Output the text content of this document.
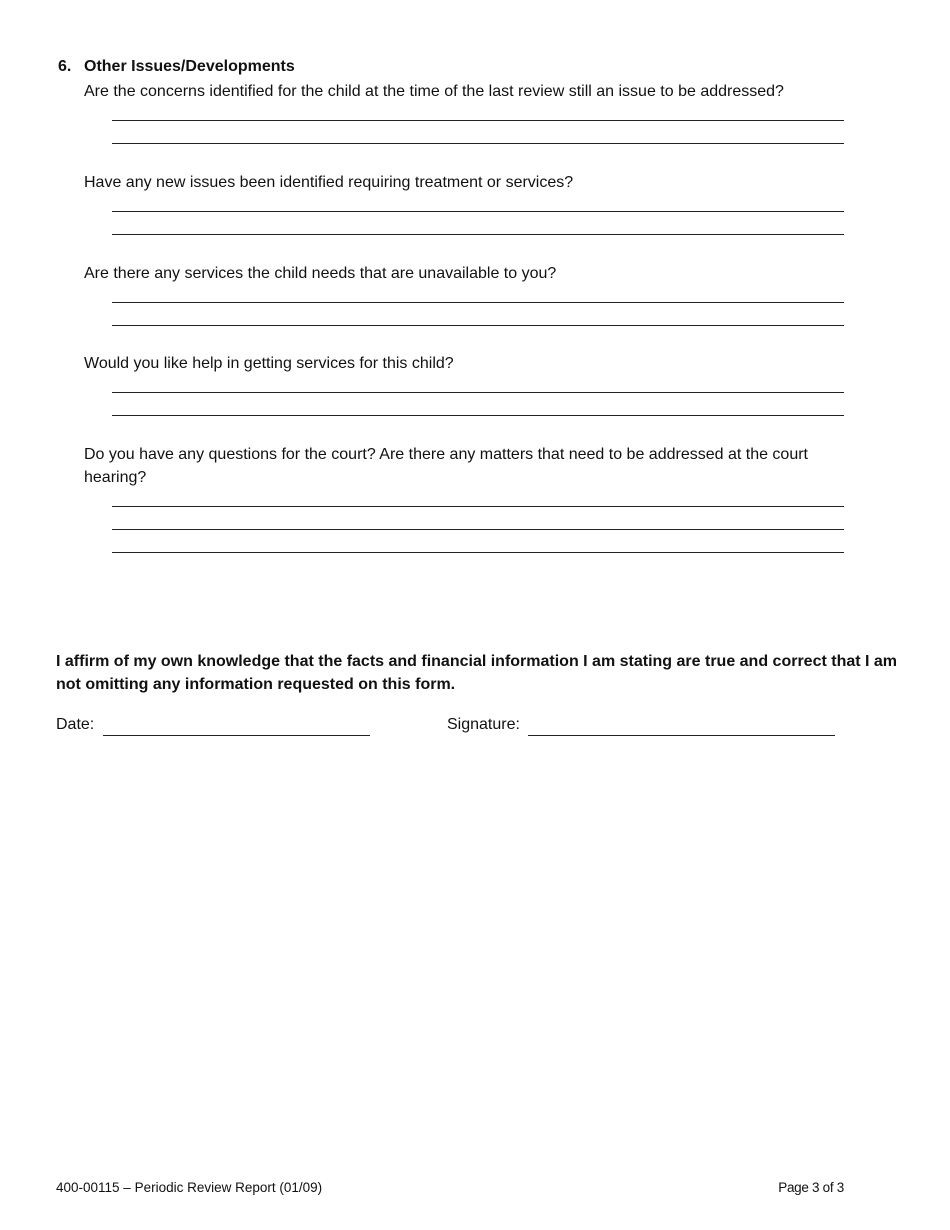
6. Other Issues/Developments
Are the concerns identified for the child at the time of the last review still an issue to be addressed?
Have any new issues been identified requiring treatment or services?
Are there any services the child needs that are unavailable to you?
Would you like help in getting services for this child?
Do you have any questions for the court? Are there any matters that need to be addressed at the court hearing?
I affirm of my own knowledge that the facts and financial information I am stating are true and correct that I am not omitting any information requested on this form.
Date:	Signature:
400-00115 – Periodic Review Report (01/09)	Page 3 of 3
